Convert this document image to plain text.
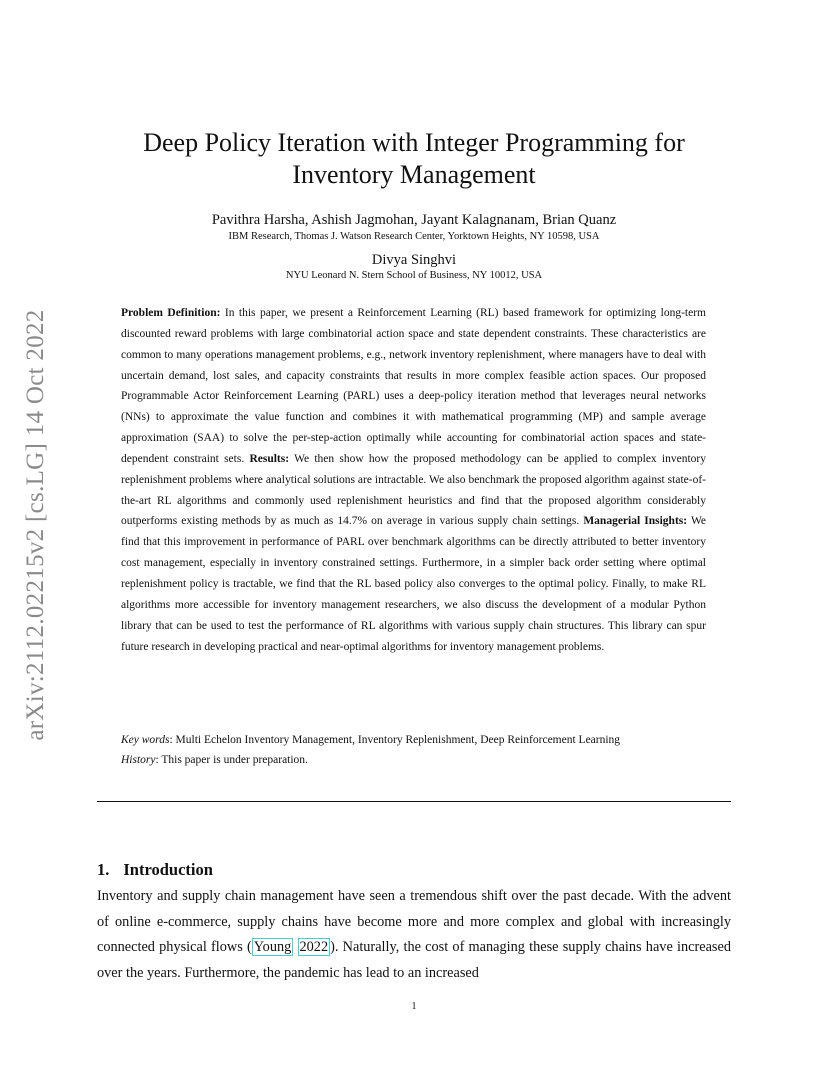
arXiv:2112.02215v2 [cs.LG] 14 Oct 2022
Deep Policy Iteration with Integer Programming for
Inventory Management
Pavithra Harsha, Ashish Jagmohan, Jayant Kalagnanam, Brian Quanz
IBM Research, Thomas J. Watson Research Center, Yorktown Heights, NY 10598, USA
Divya Singhvi
NYU Leonard N. Stern School of Business, NY 10012, USA
Problem Definition: In this paper, we present a Reinforcement Learning (RL) based framework for optimizing long-term discounted reward problems with large combinatorial action space and state dependent constraints. These characteristics are common to many operations management problems, e.g., network inventory replenishment, where managers have to deal with uncertain demand, lost sales, and capacity constraints that results in more complex feasible action spaces. Our proposed Programmable Actor Reinforcement Learning (PARL) uses a deep-policy iteration method that leverages neural networks (NNs) to approximate the value function and combines it with mathematical programming (MP) and sample average approximation (SAA) to solve the per-step-action optimally while accounting for combinatorial action spaces and state-dependent constraint sets. Results: We then show how the proposed methodology can be applied to complex inventory replenishment problems where analytical solutions are intractable. We also benchmark the proposed algorithm against state-of-the-art RL algorithms and commonly used replenishment heuristics and find that the proposed algorithm considerably outperforms existing methods by as much as 14.7% on average in various supply chain settings. Managerial Insights: We find that this improvement in performance of PARL over benchmark algorithms can be directly attributed to better inventory cost management, especially in inventory constrained settings. Furthermore, in a simpler back order setting where optimal replenishment policy is tractable, we find that the RL based policy also converges to the optimal policy. Finally, to make RL algorithms more accessible for inventory management researchers, we also discuss the development of a modular Python library that can be used to test the performance of RL algorithms with various supply chain structures. This library can spur future research in developing practical and near-optimal algorithms for inventory management problems.
Key words: Multi Echelon Inventory Management, Inventory Replenishment, Deep Reinforcement Learning
History: This paper is under preparation.
1. Introduction
Inventory and supply chain management have seen a tremendous shift over the past decade. With the advent of online e-commerce, supply chains have become more and more complex and global with increasingly connected physical flows ( Young 2022 ). Naturally, the cost of managing these supply chains have increased over the years. Furthermore, the pandemic has lead to an increased
1
